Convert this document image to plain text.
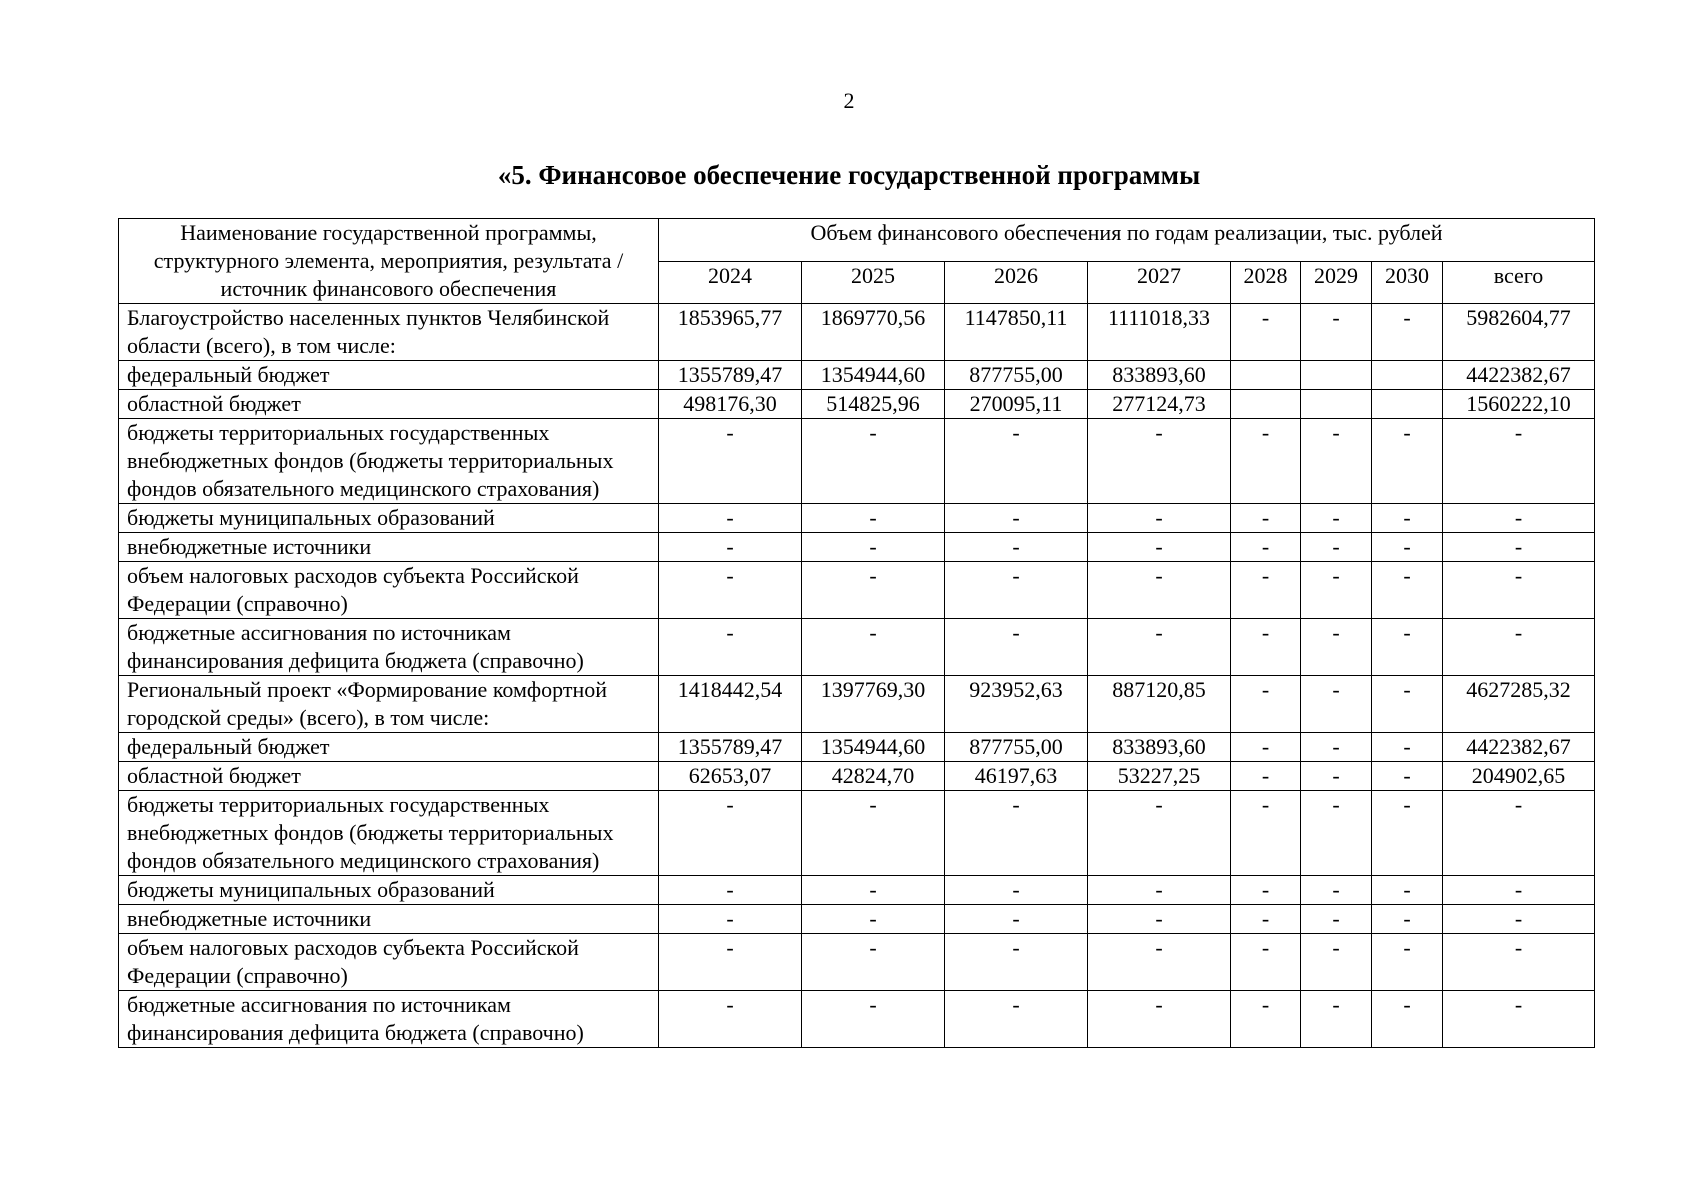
2
«5. Финансовое обеспечение государственной программы
Наименование государственной программы, структурного элемента, мероприятия, результата / источник финансового обеспечения	Объем финансового обеспечения по годам реализации, тыс. рублей							
	2024	2025	2026	2027	2028	2029	2030	всего
Благоустройство населенных пунктов Челябинской области (всего), в том числе:	1853965,77	1869770,56	1147850,11	1111018,33	-	-	-	5982604,77
федеральный бюджет	1355789,47	1354944,60	877755,00	833893,60				4422382,67
областной бюджет	498176,30	514825,96	270095,11	277124,73				1560222,10
бюджеты территориальных государственных внебюджетных фондов (бюджеты территориальных фондов обязательного медицинского страхования)	-	-	-	-	-	-	-	-
бюджеты муниципальных образований	-	-	-	-	-	-	-	-
внебюджетные источники	-	-	-	-	-	-	-	-
объем налоговых расходов субъекта Российской Федерации (справочно)	-	-	-	-	-	-	-	-
бюджетные ассигнования по источникам финансирования дефицита бюджета (справочно)	-	-	-	-	-	-	-	-
Региональный проект «Формирование комфортной городской среды» (всего), в том числе:	1418442,54	1397769,30	923952,63	887120,85	-	-	-	4627285,32
федеральный бюджет	1355789,47	1354944,60	877755,00	833893,60	-	-	-	4422382,67
областной бюджет	62653,07	42824,70	46197,63	53227,25	-	-	-	204902,65
бюджеты территориальных государственных внебюджетных фондов (бюджеты территориальных фондов обязательного медицинского страхования)	-	-	-	-	-	-	-	-
бюджеты муниципальных образований	-	-	-	-	-	-	-	-
внебюджетные источники	-	-	-	-	-	-	-	-
объем налоговых расходов субъекта Российской Федерации (справочно)	-	-	-	-	-	-	-	-
бюджетные ассигнования по источникам финансирования дефицита бюджета (справочно)	-	-	-	-	-	-	-	-
